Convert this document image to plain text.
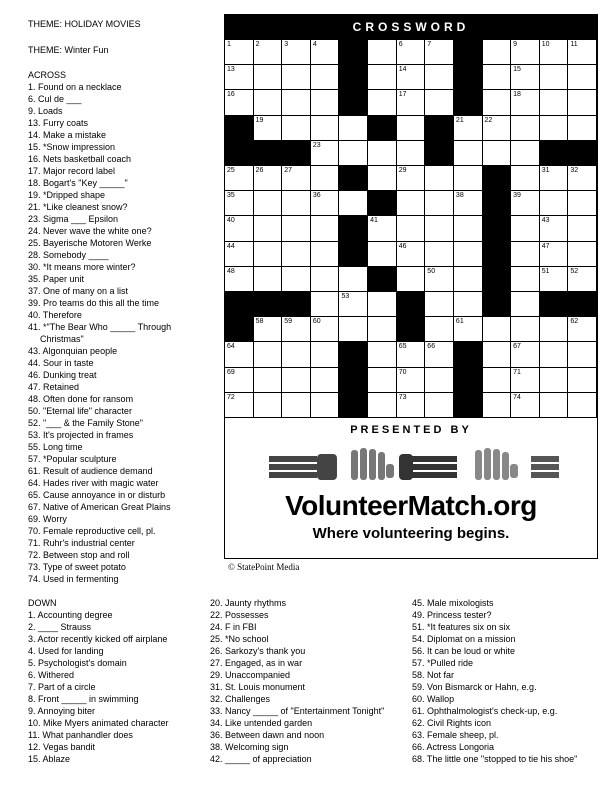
THEME: HOLIDAY MOVIES
THEME: Winter Fun
ACROSS
1. Found on a necklace
6. Cul de ___
9. Loads
13. Furry coats
14. Make a mistake
15. *Snow impression
16. Nets basketball coach
17. Major record label
18. Bogart's "Key _____"
19. *Dripped shape
21. *Like cleanest snow?
23. Sigma ___ Epsilon
24. Never wave the white one?
25. Bayerische Motoren Werke
28. Somebody ____
30. *It means more winter?
35. Paper unit
37. One of many on a list
39. Pro teams do this all the time
40. Therefore
41. *"The Bear Who _____ Through
Christmas"
43. Algonquian people
44. Sour in taste
46. Dunking treat
47. Retained
48. Often done for ransom
50. "Eternal life" character
52. "___ & the Family Stone"
53. It's projected in frames
55. Long time
57. *Popular sculpture
61. Result of audience demand
64. Hades river with magic water
65. Cause annoyance in or disturb
67. Native of American Great Plains
69. Worry
70. Female reproductive cell, pl.
71. Ruhr's industrial center
72. Between stop and roll
73. Type of sweet potato
74. Used in fermenting
DOWN
1. Accounting degree
2. ____ Strauss
3. Actor recently kicked off airplane
4. Used for landing
5. Psychologist's domain
6. Withered
7. Part of a circle
8. Front _____ in swimming
9. Annoying biter
10. Mike Myers animated character
11. What panhandler does
12. Vegas bandit
15. Ablaze
20. Jaunty rhythms
22. Possesses
24. F in FBI
25. *No school
26. Sarkozy's thank you
27. Engaged, as in war
29. Unaccompanied
31. St. Louis monument
32. Challenges
33. Nancy _____ of "Entertainment Tonight"
34. Like untended garden
36. Between dawn and noon
38. Welcoming sign
42. _____ of appreciation
45. Male mixologists
49. Princess tester?
51. *It features six on six
54. Diplomat on a mission
56. It can be loud or white
57. *Pulled ride
58. Not far
59. Von Bismarck or Hahn, e.g.
60. Wallop
61. Ophthalmologist's check-up, e.g.
62. Civil Rights icon
63. Female sheep, pl.
66. Actress Longoria
68. The little one "stopped to tie his shoe"
CROSSWORD
1	2	3	4	6	7	9	10	11
13	14	15
16	17	18
19	21	22
23
25	26	27	29	31	32
35	36	38	39
40	41	43
44	46	47
48	50	51	52
53
58	59	60	61	62
64	65	66	67
69	70	71
72	73	74
PRESENTED BY
VolunteerMatch.org
Where volunteering begins.
© StatePoint Media
